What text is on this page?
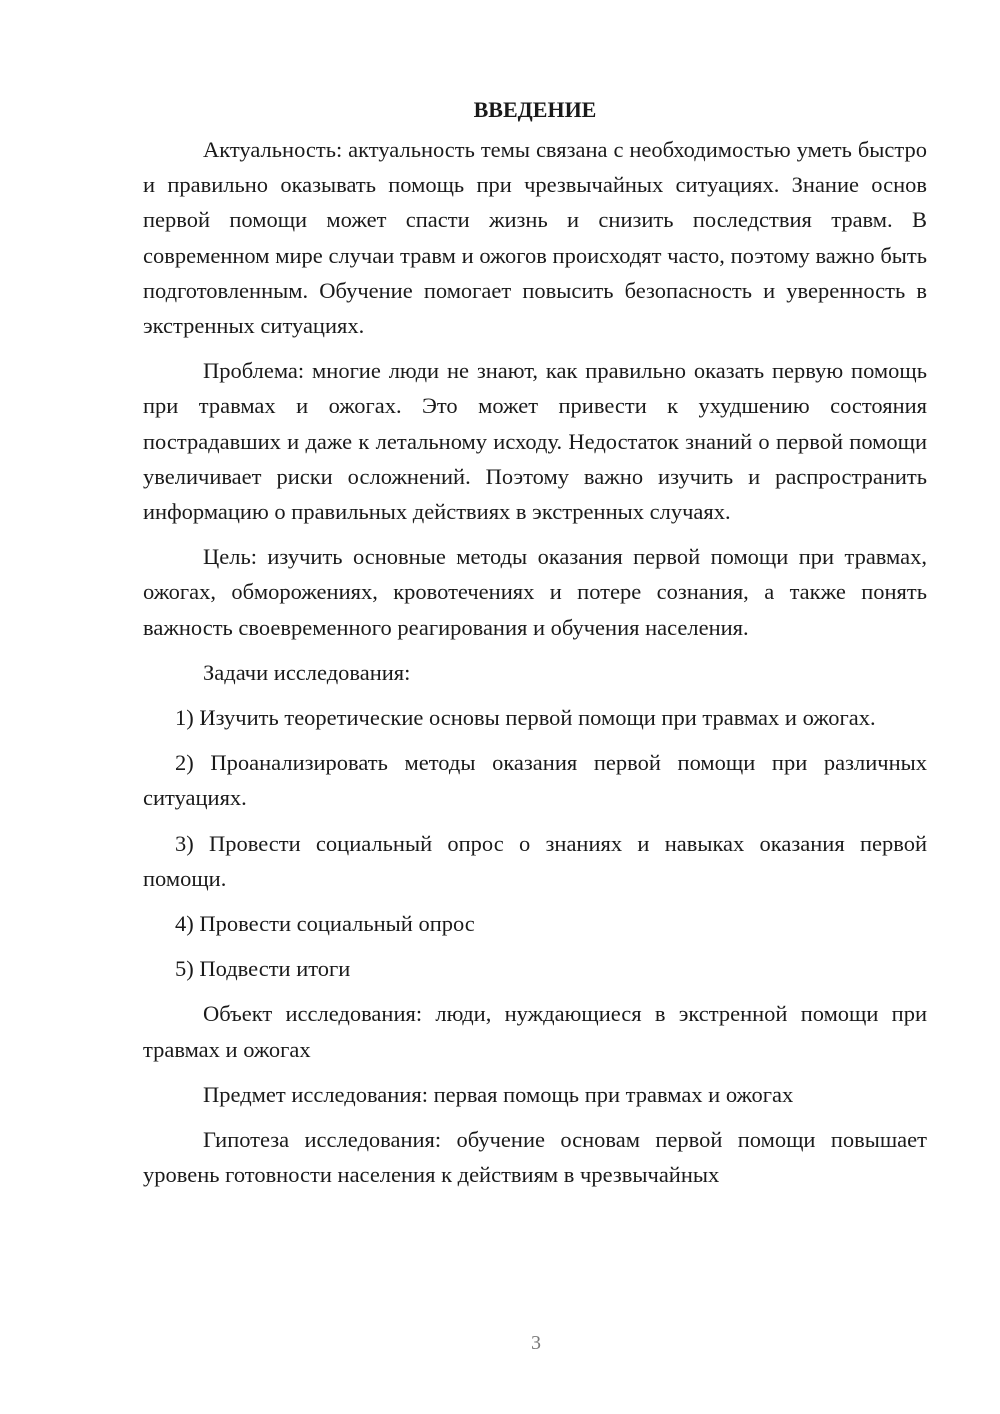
ВВЕДЕНИЕ

Актуальность: актуальность темы связана с необходимостью уметь быстро и правильно оказывать помощь при чрезвычайных ситуациях. Знание основ первой помощи может спасти жизнь и снизить последствия травм. В современном мире случаи травм и ожогов происходят часто, поэтому важно быть подготовленным. Обучение помогает повысить безопасность и уверенность в экстренных ситуациях.

Проблема: многие люди не знают, как правильно оказать первую помощь при травмах и ожогах. Это может привести к ухудшению состояния пострадавших и даже к летальному исходу. Недостаток знаний о первой помощи увеличивает риски осложнений. Поэтому важно изучить и распространить информацию о правильных действиях в экстренных случаях.

Цель: изучить основные методы оказания первой помощи при травмах, ожогах, обморожениях, кровотечениях и потере сознания, а также понять важность своевременного реагирования и обучения населения.

Задачи исследования:

1) Изучить теоретические основы первой помощи при травмах и ожогах.

2) Проанализировать методы оказания первой помощи при различных ситуациях.

3) Провести социальный опрос о знаниях и навыках оказания первой помощи.

4) Провести социальный опрос

5) Подвести итоги

Объект исследования: люди, нуждающиеся в экстренной помощи при травмах и ожогах

Предмет исследования: первая помощь при травмах и ожогах

Гипотеза исследования: обучение основам первой помощи повышает уровень готовности населения к действиям в чрезвычайных

3
